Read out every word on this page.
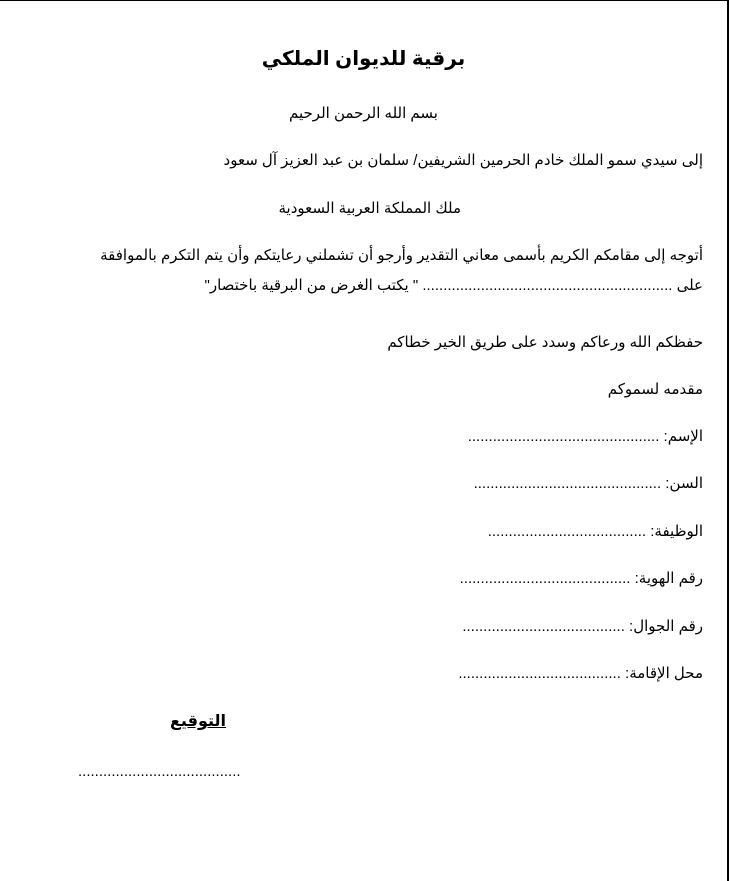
برقية للديوان الملكي

بسم الله الرحمن الرحيم

إلى سيدي سمو الملك خادم الحرمين الشريفين/ سلمان بن عبد العزيز آل سعود

ملك المملكة العربية السعودية

أتوجه إلى مقامكم الكريم بأسمى معاني التقدير وأرجو أن تشملني رعايتكم وأن يتم التكرم بالموافقة
على ............................................................ " يكتب الغرض من البرقية باختصار"

حفظكم الله ورعاكم وسدد على طريق الخير خطاكم

مقدمه لسموكم

الإسم: ..............................................

السن: .............................................

الوظيفة: ......................................

رقم الهوية: .........................................

رقم الجوال: .......................................

محل الإقامة: .......................................

التوقيع

.......................................
